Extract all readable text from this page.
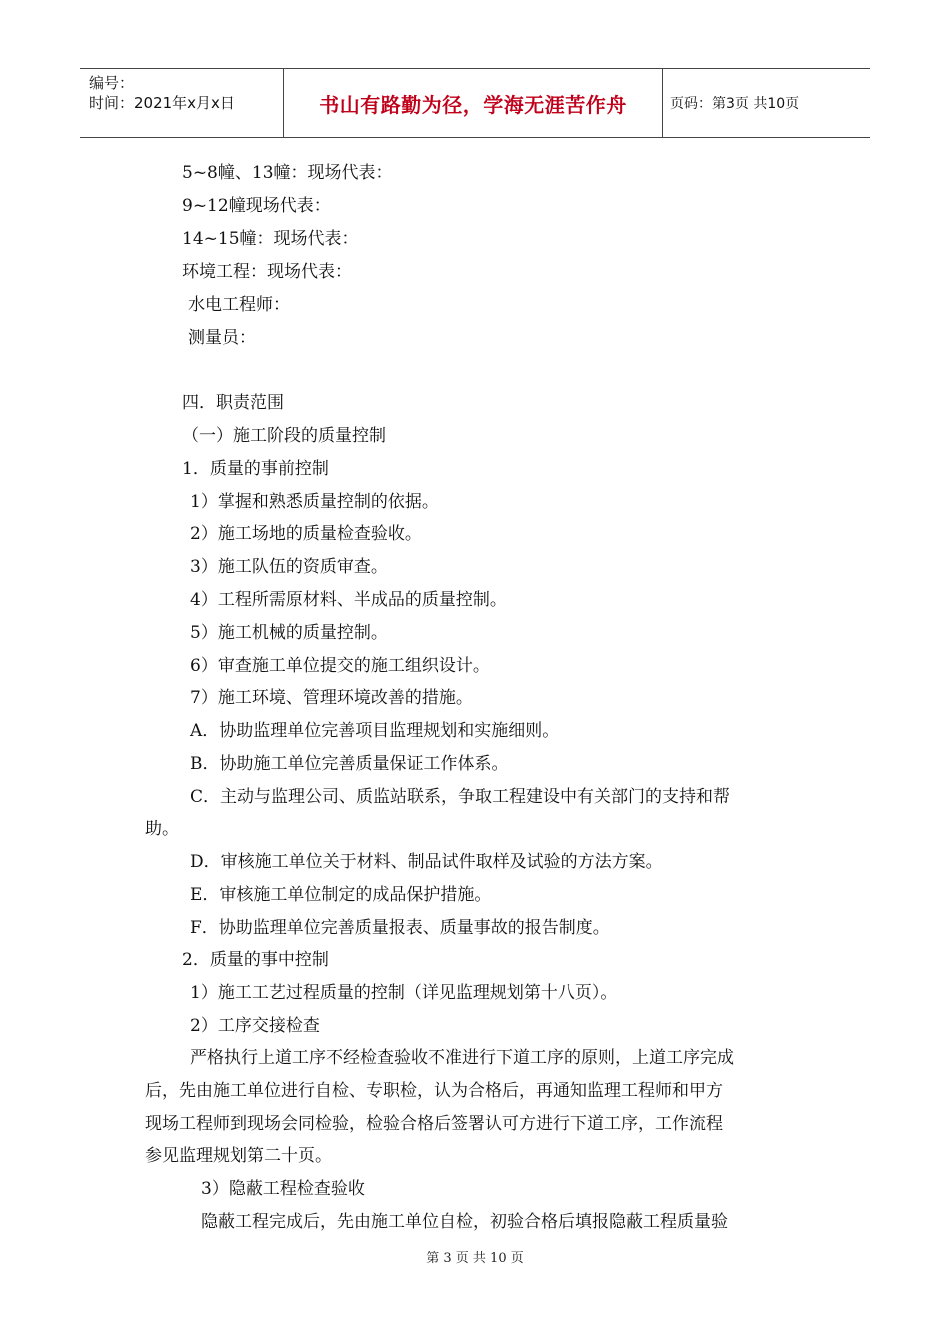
编号：
时间：2021年x月x日	书山有路勤为径，学海无涯苦作舟	页码：第3页 共10页
5~8幢、13幢：现场代表：
9~12幢现场代表：
14~15幢：现场代表：
环境工程：现场代表：
水电工程师：
测量员：
四．职责范围
（一）施工阶段的质量控制
1．质量的事前控制
1）掌握和熟悉质量控制的依据。
2）施工场地的质量检查验收。
3）施工队伍的资质审查。
4）工程所需原材料、半成品的质量控制。
5）施工机械的质量控制。
6）审查施工单位提交的施工组织设计。
7）施工环境、管理环境改善的措施。
A．协助监理单位完善项目监理规划和实施细则。
B．协助施工单位完善质量保证工作体系。
C．主动与监理公司、质监站联系，争取工程建设中有关部门的支持和帮
助。
D．审核施工单位关于材料、制品试件取样及试验的方法方案。
E．审核施工单位制定的成品保护措施。
F．协助监理单位完善质量报表、质量事故的报告制度。
2．质量的事中控制
1）施工工艺过程质量的控制（详见监理规划第十八页）。
2）工序交接检查
严格执行上道工序不经检查验收不准进行下道工序的原则，上道工序完成
后，先由施工单位进行自检、专职检，认为合格后，再通知监理工程师和甲方
现场工程师到现场会同检验，检验合格后签署认可方进行下道工序，工作流程
参见监理规划第二十页。
3）隐蔽工程检查验收
隐蔽工程完成后，先由施工单位自检，初验合格后填报隐蔽工程质量验
第 3 页 共 10 页
